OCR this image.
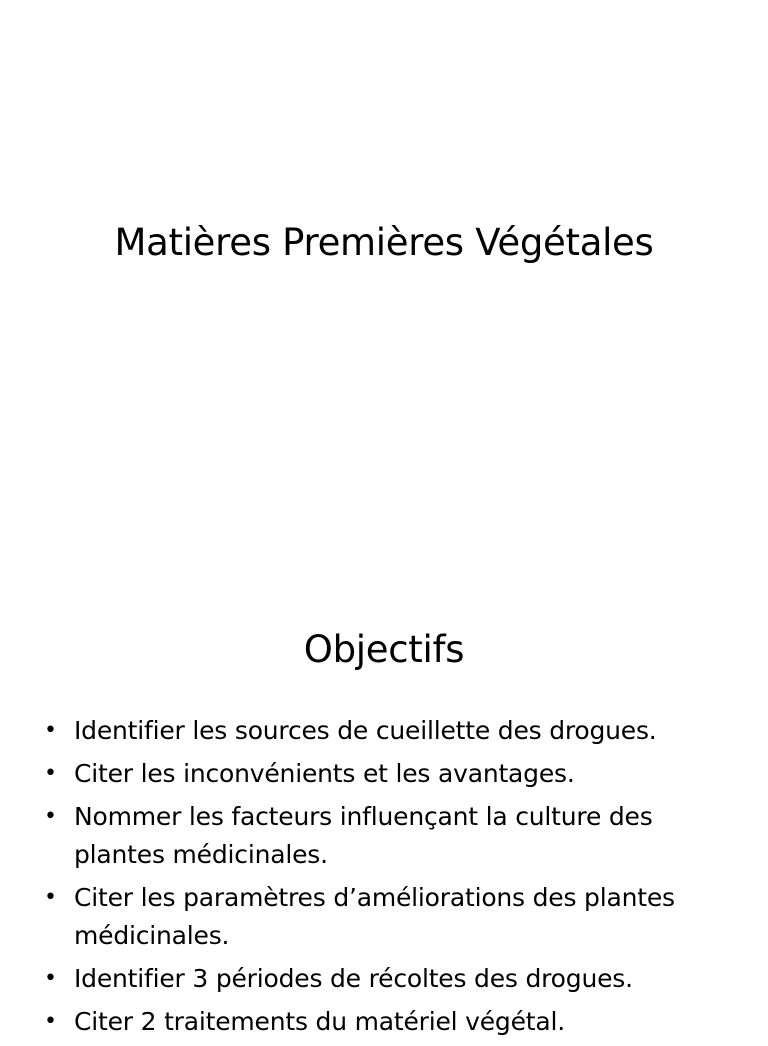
Matières Premières Végétales
Objectifs
• Identifier les sources de cueillette des drogues.
• Citer les inconvénients et les avantages.
• Nommer les facteurs influençant la culture des plantes médicinales.
• Citer les paramètres d’améliorations des plantes médicinales.
• Identifier 3 périodes de récoltes des drogues.
• Citer 2 traitements du matériel végétal.
